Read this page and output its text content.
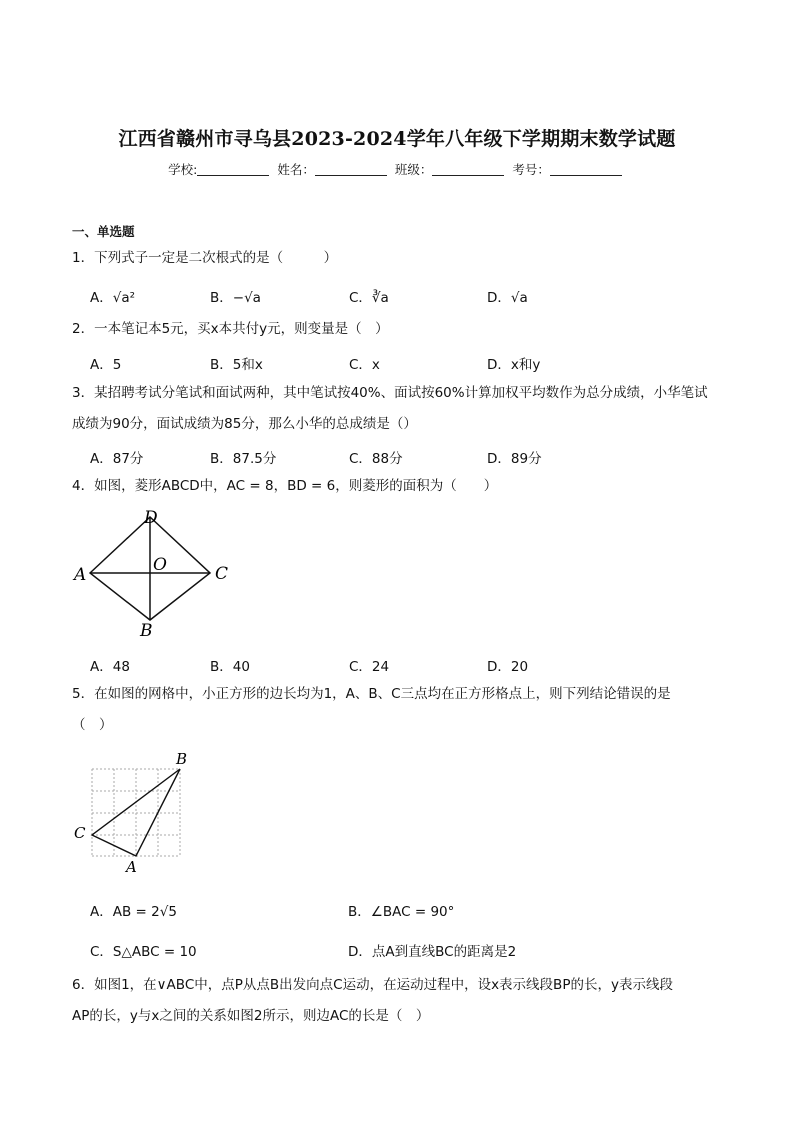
江西省赣州市寻乌县2023-2024学年八年级下学期期末数学试题
学校:	姓名：	班级：	考号：
一、单选题
1．下列式子一定是二次根式的是（　　　）
A．√a²	B．−√a	C．∛a	D．√a
2．一本笔记本5元，买x本共付y元，则变量是（　）
A．5	B．5和x	C．x	D．x和y
3．某招聘考试分笔试和面试两种，其中笔试按40%、面试按60%计算加权平均数作为总分成绩，小华笔试
成绩为90分，面试成绩为85分，那么小华的总成绩是（）
A．87分	B．87.5分	C．88分	D．89分
4．如图，菱形ABCD中，AC = 8，BD = 6，则菱形的面积为（　　）
D
A	C
B
O
A．48	B．40	C．24	D．20
5．在如图的网格中，小正方形的边长均为1，A、B、C三点均在正方形格点上，则下列结论错误的是
（　）
B
C
A
A．AB = 2√5	B．∠BAC = 90°
C．S△ABC = 10	D．点A到直线BC的距离是2
6．如图1，在∨ABC中，点P从点B出发向点C运动，在运动过程中，设x表示线段BP的长，y表示线段
AP的长，y与x之间的关系如图2所示，则边AC的长是（　）
